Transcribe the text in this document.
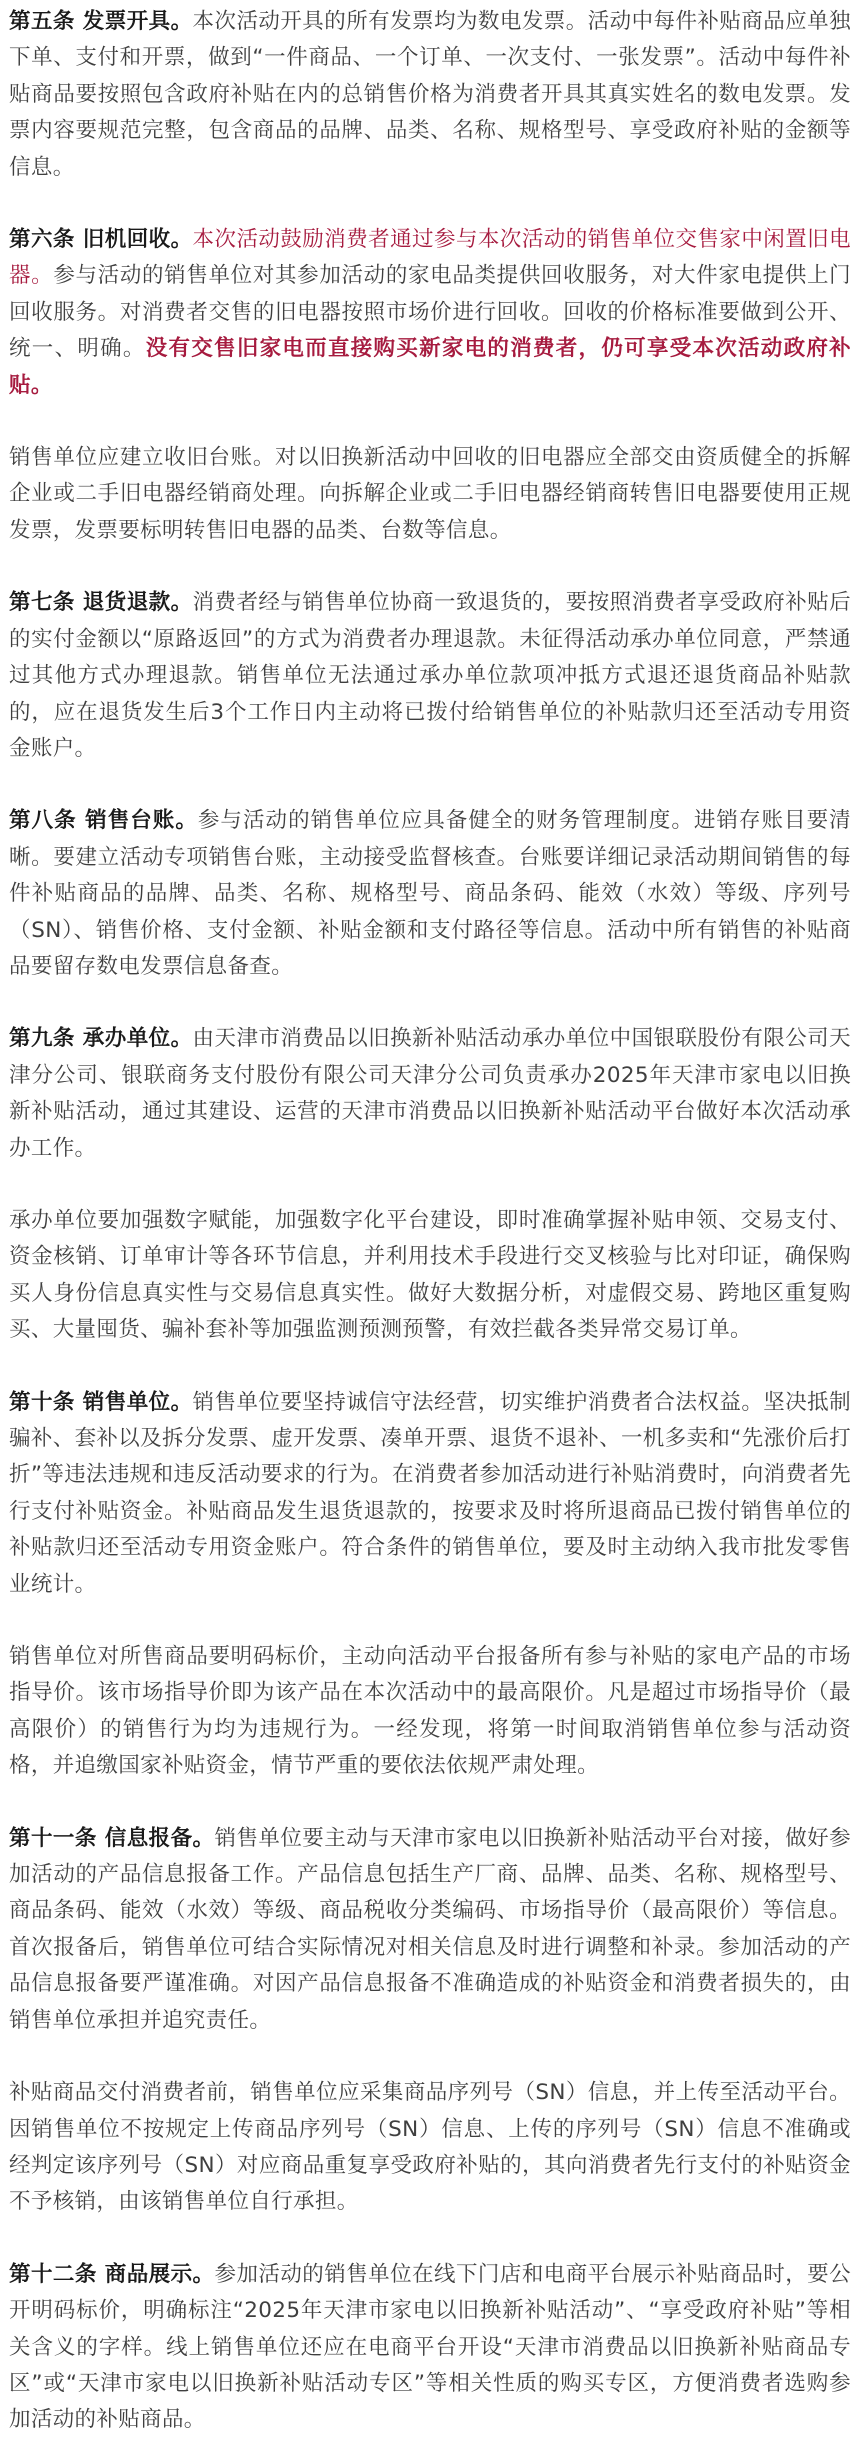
第五条 发票开具。本次活动开具的所有发票均为数电发票。活动中每件补贴商品应单独下单、支付和开票，做到“一件商品、一个订单、一次支付、一张发票”。活动中每件补贴商品要按照包含政府补贴在内的总销售价格为消费者开具其真实姓名的数电发票。发票内容要规范完整，包含商品的品牌、品类、名称、规格型号、享受政府补贴的金额等信息。

第六条 旧机回收。本次活动鼓励消费者通过参与本次活动的销售单位交售家中闲置旧电器。参与活动的销售单位对其参加活动的家电品类提供回收服务，对大件家电提供上门回收服务。对消费者交售的旧电器按照市场价进行回收。回收的价格标准要做到公开、统一、明确。没有交售旧家电而直接购买新家电的消费者，仍可享受本次活动政府补贴。

销售单位应建立收旧台账。对以旧换新活动中回收的旧电器应全部交由资质健全的拆解企业或二手旧电器经销商处理。向拆解企业或二手旧电器经销商转售旧电器要使用正规发票，发票要标明转售旧电器的品类、台数等信息。

第七条 退货退款。消费者经与销售单位协商一致退货的，要按照消费者享受政府补贴后的实付金额以“原路返回”的方式为消费者办理退款。未征得活动承办单位同意，严禁通过其他方式办理退款。销售单位无法通过承办单位款项冲抵方式退还退货商品补贴款的，应在退货发生后3个工作日内主动将已拨付给销售单位的补贴款归还至活动专用资金账户。

第八条 销售台账。参与活动的销售单位应具备健全的财务管理制度。进销存账目要清晰。要建立活动专项销售台账，主动接受监督核查。台账要详细记录活动期间销售的每件补贴商品的品牌、品类、名称、规格型号、商品条码、能效（水效）等级、序列号（SN）、销售价格、支付金额、补贴金额和支付路径等信息。活动中所有销售的补贴商品要留存数电发票信息备查。

第九条 承办单位。由天津市消费品以旧换新补贴活动承办单位中国银联股份有限公司天津分公司、银联商务支付股份有限公司天津分公司负责承办2025年天津市家电以旧换新补贴活动，通过其建设、运营的天津市消费品以旧换新补贴活动平台做好本次活动承办工作。

承办单位要加强数字赋能，加强数字化平台建设，即时准确掌握补贴申领、交易支付、资金核销、订单审计等各环节信息，并利用技术手段进行交叉核验与比对印证，确保购买人身份信息真实性与交易信息真实性。做好大数据分析，对虚假交易、跨地区重复购买、大量囤货、骗补套补等加强监测预测预警，有效拦截各类异常交易订单。

第十条 销售单位。销售单位要坚持诚信守法经营，切实维护消费者合法权益。坚决抵制骗补、套补以及拆分发票、虚开发票、凑单开票、退货不退补、一机多卖和“先涨价后打折”等违法违规和违反活动要求的行为。在消费者参加活动进行补贴消费时，向消费者先行支付补贴资金。补贴商品发生退货退款的，按要求及时将所退商品已拨付销售单位的补贴款归还至活动专用资金账户。符合条件的销售单位，要及时主动纳入我市批发零售业统计。

销售单位对所售商品要明码标价，主动向活动平台报备所有参与补贴的家电产品的市场指导价。该市场指导价即为该产品在本次活动中的最高限价。凡是超过市场指导价（最高限价）的销售行为均为违规行为。一经发现，将第一时间取消销售单位参与活动资格，并追缴国家补贴资金，情节严重的要依法依规严肃处理。

第十一条 信息报备。销售单位要主动与天津市家电以旧换新补贴活动平台对接，做好参加活动的产品信息报备工作。产品信息包括生产厂商、品牌、品类、名称、规格型号、商品条码、能效（水效）等级、商品税收分类编码、市场指导价（最高限价）等信息。首次报备后，销售单位可结合实际情况对相关信息及时进行调整和补录。参加活动的产品信息报备要严谨准确。对因产品信息报备不准确造成的补贴资金和消费者损失的，由销售单位承担并追究责任。

补贴商品交付消费者前，销售单位应采集商品序列号（SN）信息，并上传至活动平台。因销售单位不按规定上传商品序列号（SN）信息、上传的序列号（SN）信息不准确或经判定该序列号（SN）对应商品重复享受政府补贴的，其向消费者先行支付的补贴资金不予核销，由该销售单位自行承担。

第十二条 商品展示。参加活动的销售单位在线下门店和电商平台展示补贴商品时，要公开明码标价，明确标注“2025年天津市家电以旧换新补贴活动”、“享受政府补贴”等相关含义的字样。线上销售单位还应在电商平台开设“天津市消费品以旧换新补贴商品专区”或“天津市家电以旧换新补贴活动专区”等相关性质的购买专区，方便消费者选购参加活动的补贴商品。
